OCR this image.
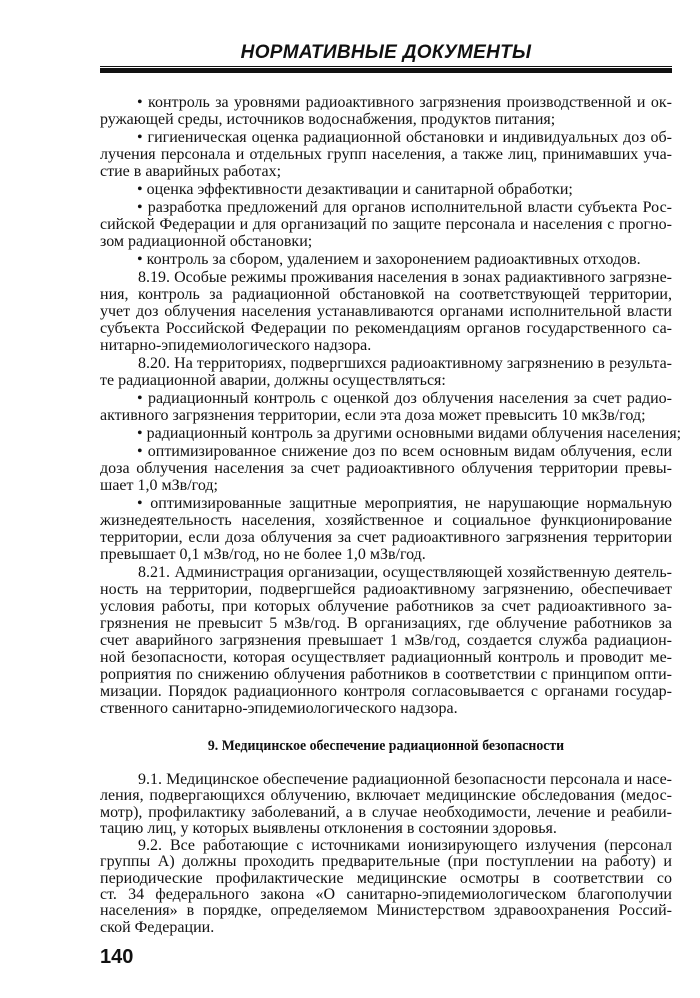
НОРМАТИВНЫЕ ДОКУМЕНТЫ
• контроль за уровнями радиоактивного загрязнения производственной и ок-
ружающей среды, источников водоснабжения, продуктов питания;
• гигиеническая оценка радиационной обстановки и индивидуальных доз об-
лучения персонала и отдельных групп населения, а также лиц, принимавших уча-
стие в аварийных работах;
• оценка эффективности дезактивации и санитарной обработки;
• разработка предложений для органов исполнительной власти субъекта Рос-
сийской Федерации и для организаций по защите персонала и населения с прогно-
зом радиационной обстановки;
• контроль за сбором, удалением и захоронением радиоактивных отходов.
8.19. Особые режимы проживания населения в зонах радиактивного загрязне-
ния, контроль за радиационной обстановкой на соответствующей территории,
учет доз облучения населения устанавливаются органами исполнительной власти
субъекта Российской Федерации по рекомендациям органов государственного са-
нитарно-эпидемиологического надзора.
8.20. На территориях, подвергшихся радиоактивному загрязнению в результа-
те радиационной аварии, должны осуществляться:
• радиационный контроль с оценкой доз облучения населения за счет радио-
активного загрязнения территории, если эта доза может превысить 10 мкЗв/год;
• радиационный контроль за другими основными видами облучения населения;
• оптимизированное снижение доз по всем основным видам облучения, если
доза облучения населения за счет радиоактивного облучения территории превы-
шает 1,0 мЗв/год;
• оптимизированные защитные мероприятия, не нарушающие нормальную
жизнедеятельность населения, хозяйственное и социальное функционирование
территории, если доза облучения за счет радиоактивного загрязнения территории
превышает 0,1 мЗв/год, но не более 1,0 мЗв/год.
8.21. Администрация организации, осуществляющей хозяйственную деятель-
ность на территории, подвергшейся радиоактивному загрязнению, обеспечивает
условия работы, при которых облучение работников за счет радиоактивного за-
грязнения не превысит 5 мЗв/год. В организациях, где облучение работников за
счет аварийного загрязнения превышает 1 мЗв/год, создается служба радиацион-
ной безопасности, которая осуществляет радиационный контроль и проводит ме-
роприятия по снижению облучения работников в соответствии с принципом опти-
мизации. Порядок радиационного контроля согласовывается с органами государ-
ственного санитарно-эпидемиологического надзора.
9. Медицинское обеспечение радиационной безопасности
9.1. Медицинское обеспечение радиационной безопасности персонала и насе-
ления, подвергающихся облучению, включает медицинские обследования (медос-
мотр), профилактику заболеваний, а в случае необходимости, лечение и реабили-
тацию лиц, у которых выявлены отклонения в состоянии здоровья.
9.2. Все работающие с источниками ионизирующего излучения (персонал
группы А) должны проходить предварительные (при поступлении на работу) и
периодические профилактические медицинские осмотры в соответствии со
ст. 34 федерального закона «О санитарно-эпидемиологическом благополучии
населения» в порядке, определяемом Министерством здравоохранения Россий-
ской Федерации.
140
